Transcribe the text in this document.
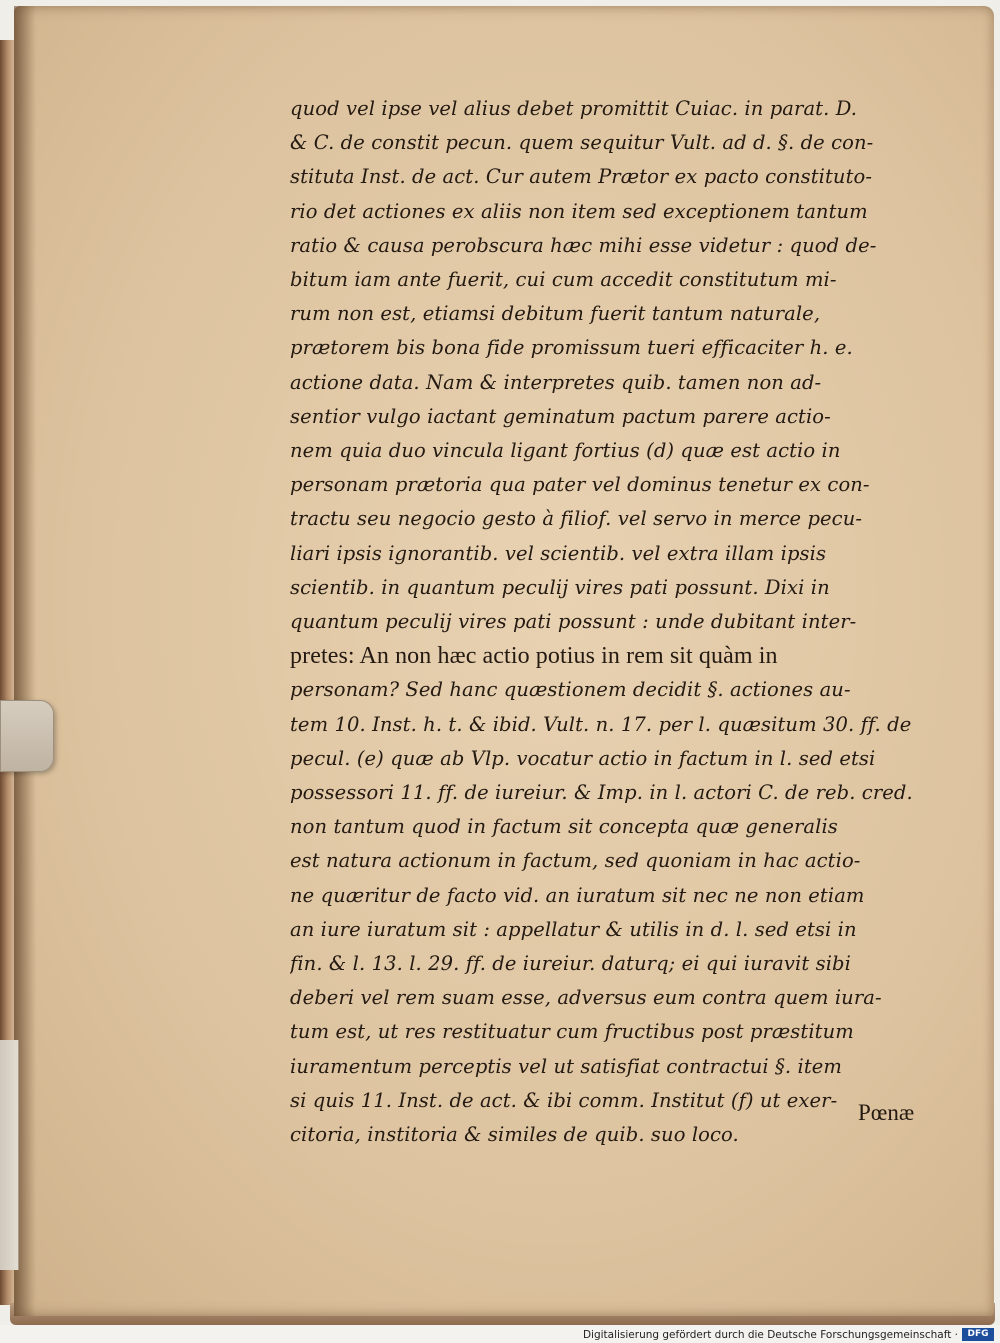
quod vel ipse vel alius debet promittit Cuiac. in parat. D.
& C. de constit pecun. quem sequitur Vult. ad d. §. de con-
stituta Inst. de act. Cur autem Prætor ex pacto constituto-
rio det actiones ex aliis non item sed exceptionem tantum
ratio & causa perobscura hæc mihi esse videtur : quod de-
bitum iam ante fuerit, cui cum accedit constitutum mi-
rum non est, etiamsi debitum fuerit tantum naturale,
prætorem bis bona fide promissum tueri efficaciter h. e.
actione data. Nam & interpretes quib. tamen non ad-
sentior vulgo iactant geminatum pactum parere actio-
nem quia duo vincula ligant fortius (d) quæ est actio in
personam prætoria qua pater vel dominus tenetur ex con-
tractu seu negocio gesto à filiof. vel servo in merce pecu-
liari ipsis ignorantib. vel scientib. vel extra illam ipsis
scientib. in quantum peculij vires pati possunt. Dixi in
quantum peculij vires pati possunt : unde dubitant inter-
pretes: An non hæc actio potius in rem sit quàm in
personam? Sed hanc quæstionem decidit §. actiones au-
tem 10. Inst. h. t. & ibid. Vult. n. 17. per l. quæsitum 30. ff. de
pecul. (e) quæ ab Vlp. vocatur actio in factum in l. sed etsi
possessori 11. ff. de iureiur. & Imp. in l. actori C. de reb. cred.
non tantum quod in factum sit concepta quæ generalis
est natura actionum in factum, sed quoniam in hac actio-
ne quæritur de facto vid. an iuratum sit nec ne non etiam
an iure iuratum sit : appellatur & utilis in d. l. sed etsi in
fin. & l. 13. l. 29. ff. de iureiur. daturq; ei qui iuravit sibi
deberi vel rem suam esse, adversus eum contra quem iura-
tum est, ut res restituatur cum fructibus post præstitum
iuramentum perceptis vel ut satisfiat contractui §. item
si quis 11. Inst. de act. & ibi comm. Institut (f) ut exer-
citoria, institoria & similes de quib. suo loco.
Pœnæ
Digitalisierung gefördert durch die Deutsche Forschungsgemeinschaft ·	DFG
